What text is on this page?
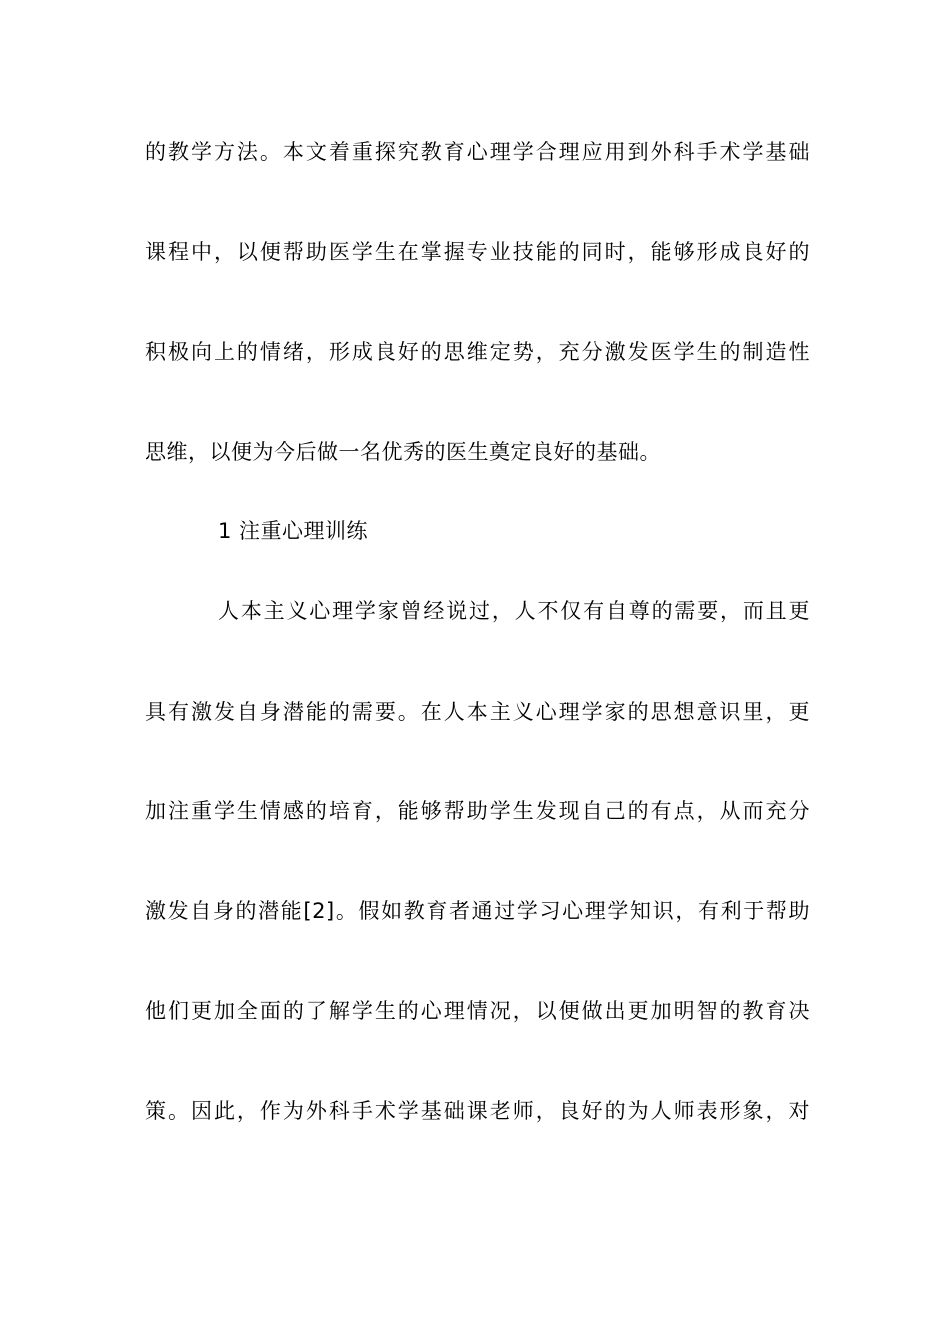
的教学方法。本文着重探究教育心理学合理应用到外科手术学基础
课程中，以便帮助医学生在掌握专业技能的同时，能够形成良好的
积极向上的情绪，形成良好的思维定势，充分激发医学生的制造性
思维，以便为今后做一名优秀的医生奠定良好的基础。
1 注重心理训练
人本主义心理学家曾经说过，人不仅有自尊的需要，而且更
具有激发自身潜能的需要。在人本主义心理学家的思想意识里，更
加注重学生情感的培育，能够帮助学生发现自己的有点，从而充分
激发自身的潜能[2]。假如教育者通过学习心理学知识，有利于帮助
他们更加全面的了解学生的心理情况，以便做出更加明智的教育决
策。因此，作为外科手术学基础课老师，良好的为人师表形象，对
